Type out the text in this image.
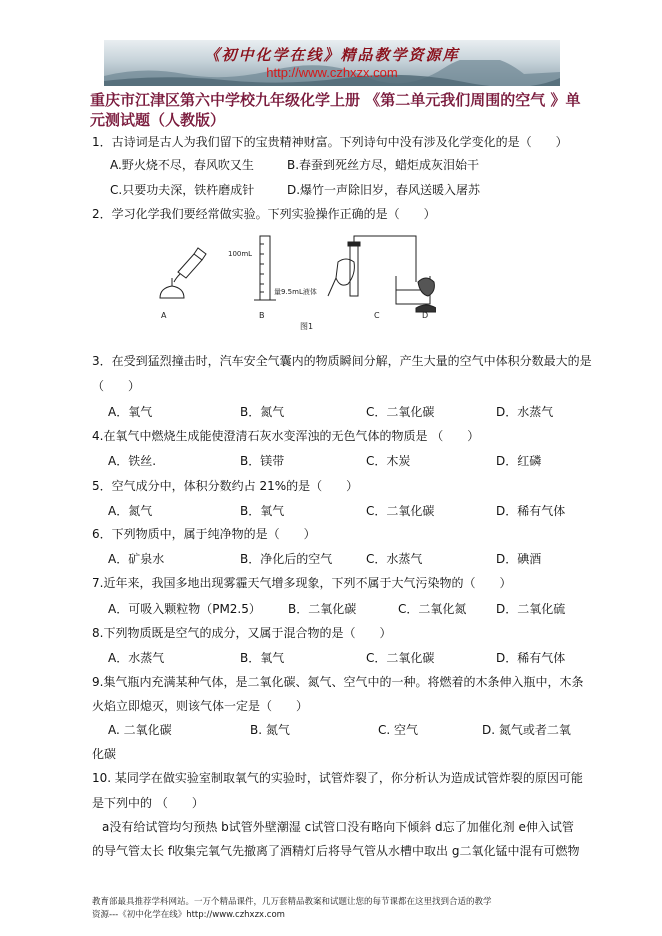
《初中化学在线》精品教学资源库
http://www.czhxzx.com
重庆市江津区第六中学校九年级化学上册 《第二单元我们周围的空气 》单元测试题（人教版）
1．古诗词是古人为我们留下的宝贵精神财富。下列诗句中没有涉及化学变化的是（　　）
A.野火烧不尽，春风吹又生	B.春蚕到死丝方尽，蜡炬成灰泪始干
C.只要功夫深，铁杵磨成针	D.爆竹一声除旧岁，春风送暖入屠苏
2．学习化学我们要经常做实验。下列实验操作正确的是（　　）
100mL
量9.5mL液体
A	B	C	D
图1
3．在受到猛烈撞击时，汽车安全气囊内的物质瞬间分解，产生大量的空气中体积分数最大的是
（　　）
A．氧气	B．氮气	C．二氧化碳	D．水蒸气
4.在氧气中燃烧生成能使澄清石灰水变浑浊的无色气体的物质是 （　　）
A．铁丝.	B．镁带	C．木炭	D．红磷
5．空气成分中，体积分数约占 21%的是（　　）
A．氮气	B．氧气	C．二氧化碳	D．稀有气体
6．下列物质中，属于纯净物的是（　　）
A．矿泉水	B．净化后的空气	C．水蒸气	D．碘酒
7.近年来，我国多地出现雾霾天气增多现象，下列不属于大气污染物的（　　）
A．可吸入颗粒物（PM2.5） B．二氧化碳	C．二氧化氮 D．二氧化硫
8.下列物质既是空气的成分，又属于混合物的是（　　）
A．水蒸气	B．氧气	C．二氧化碳	D．稀有气体
9.集气瓶内充满某种气体，是二氧化碳、氮气、空气中的一种。将燃着的木条伸入瓶中，木条
火焰立即熄灭，则该气体一定是（　　）
A. 二氧化碳	B. 氮气	C. 空气	D. 氮气或者二氧
化碳
10. 某同学在做实验室制取氧气的实验时，试管炸裂了，你分析认为造成试管炸裂的原因可能
是下列中的 （　　）
a没有给试管均匀预热 b试管外壁潮湿 c试管口没有略向下倾斜 d忘了加催化剂 e伸入试管
的导气管太长 f收集完氧气先撤离了酒精灯后将导气管从水槽中取出 g二氧化锰中混有可燃物
教育部最具推荐学科网站。一万个精品课件，几万套精品教案和试题让您的每节课都在这里找到合适的教学
资源---《初中化学在线》http://www.czhxzx.com
